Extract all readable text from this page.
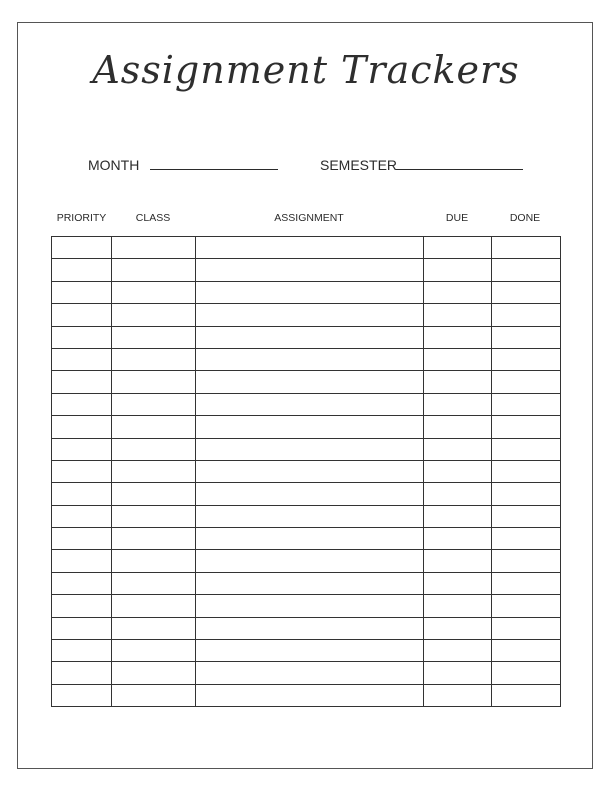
Assignment Trackers
MONTH	SEMESTER
PRIORITY	CLASS	ASSIGNMENT	DUE	DONE
